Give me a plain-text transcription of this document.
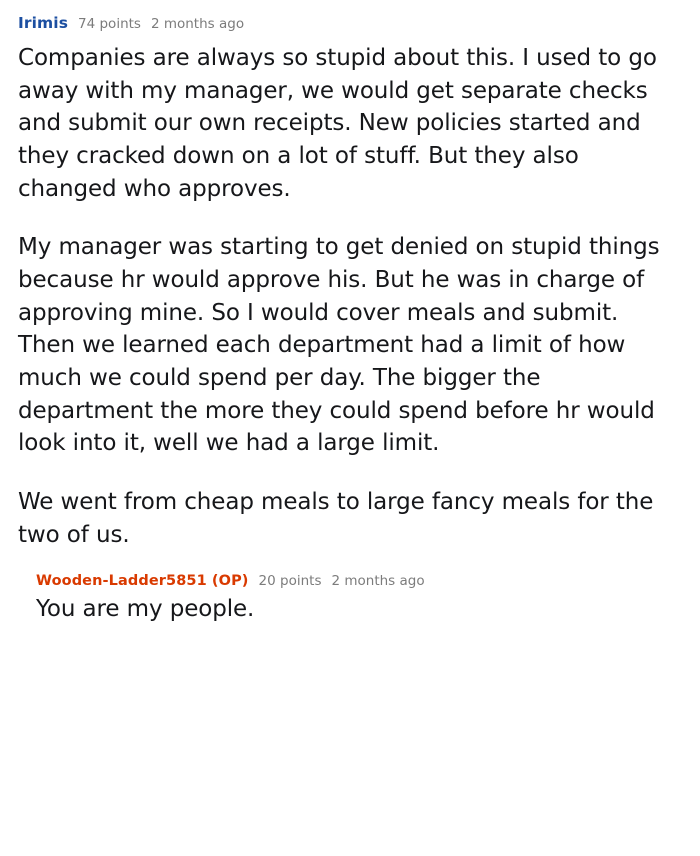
Irimis 74 points 2 months ago

Companies are always so stupid about this. I used to go away with my manager, we would get separate checks and submit our own receipts. New policies started and they cracked down on a lot of stuff. But they also changed who approves.

My manager was starting to get denied on stupid things because hr would approve his. But he was in charge of approving mine. So I would cover meals and submit. Then we learned each department had a limit of how much we could spend per day. The bigger the department the more they could spend before hr would look into it, well we had a large limit.

We went from cheap meals to large fancy meals for the two of us.

Wooden-Ladder5851 (OP) 20 points 2 months ago

You are my people.
